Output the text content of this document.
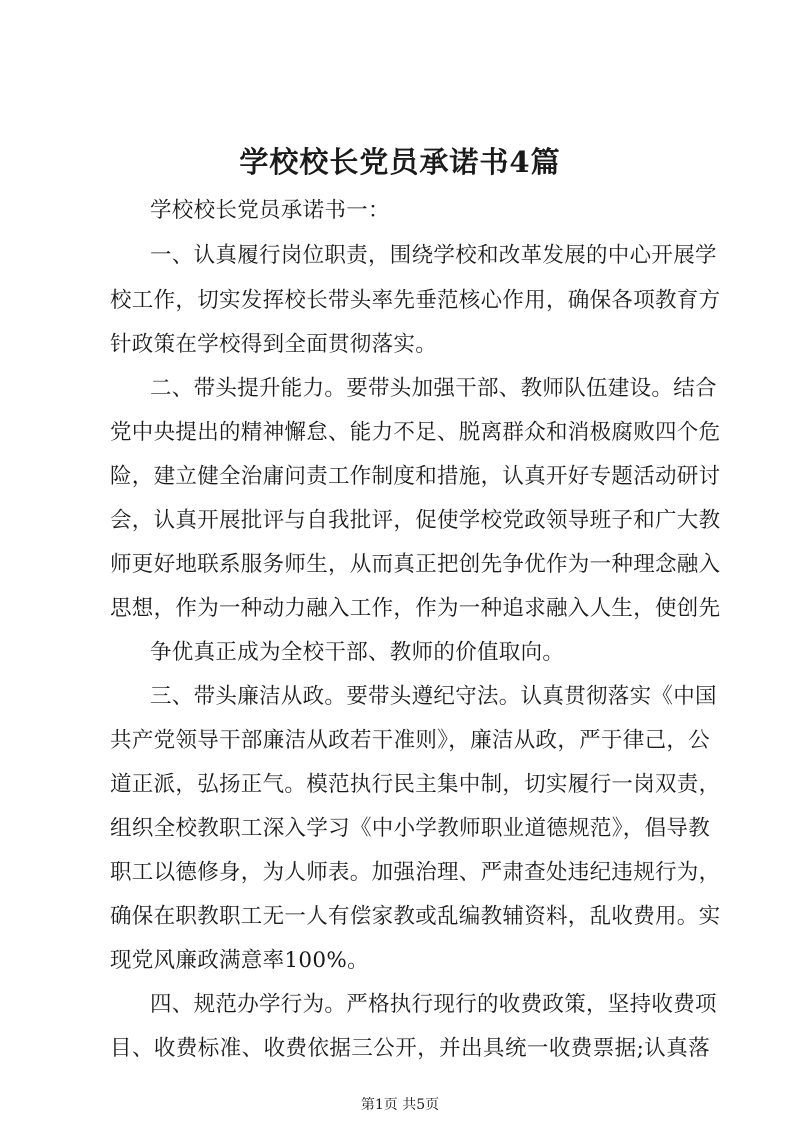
学校校长党员承诺书4篇
第1页 共5页
学校校长党员承诺书一：
一、认真履行岗位职责，围绕学校和改革发展的中心开展学
校工作，切实发挥校长带头率先垂范核心作用，确保各项教育方
针政策在学校得到全面贯彻落实。
二、带头提升能力。要带头加强干部、教师队伍建设。结合
党中央提出的精神懈怠、能力不足、脱离群众和消极腐败四个危
险，建立健全治庸问责工作制度和措施，认真开好专题活动研讨
会，认真开展批评与自我批评，促使学校党政领导班子和广大教
师更好地联系服务师生，从而真正把创先争优作为一种理念融入
思想，作为一种动力融入工作，作为一种追求融入人生，使创先
争优真正成为全校干部、教师的价值取向。
三、带头廉洁从政。要带头遵纪守法。认真贯彻落实《中国
共产党领导干部廉洁从政若干准则》，廉洁从政，严于律己，公
道正派，弘扬正气。模范执行民主集中制，切实履行一岗双责，
组织全校教职工深入学习《中小学教师职业道德规范》，倡导教
职工以德修身，为人师表。加强治理、严肃查处违纪违规行为，
确保在职教职工无一人有偿家教或乱编教辅资料，乱收费用。实
现党风廉政满意率100%。
四、规范办学行为。严格执行现行的收费政策，坚持收费项
目、收费标准、收费依据三公开，并出具统一收费票据;认真落
